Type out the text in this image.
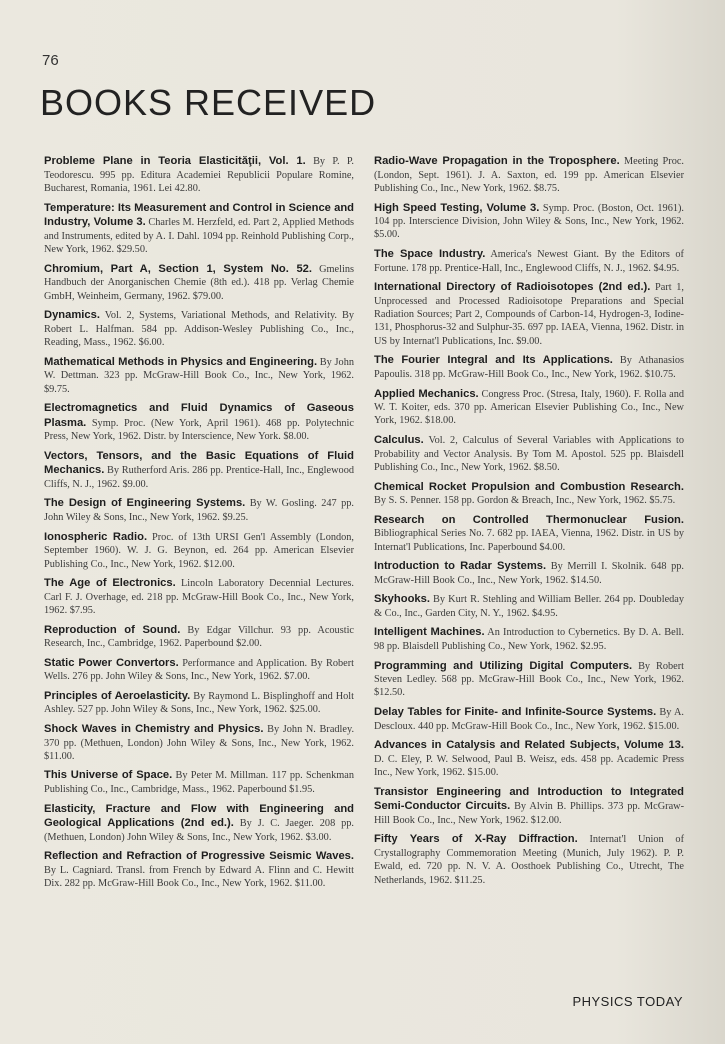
76
BOOKS RECEIVED

Probleme Plane in Teoria Elasticităţii, Vol. 1. By P. P. Teodorescu. 995 pp. Editura Academiei Republicii Populare Romine, Bucharest, Romania, 1961. Lei 42.80.

Temperature: Its Measurement and Control in Science and Industry, Volume 3. Charles M. Herzfeld, ed. Part 2, Applied Methods and Instruments, edited by A. I. Dahl. 1094 pp. Reinhold Publishing Corp., New York, 1962. $29.50.

Chromium, Part A, Section 1, System No. 52. Gmelins Handbuch der Anorganischen Chemie (8th ed.). 418 pp. Verlag Chemie GmbH, Weinheim, Germany, 1962. $79.00.

Dynamics. Vol. 2, Systems, Variational Methods, and Relativity. By Robert L. Halfman. 584 pp. Addison-Wesley Publishing Co., Inc., Reading, Mass., 1962. $6.00.

Mathematical Methods in Physics and Engineering. By John W. Dettman. 323 pp. McGraw-Hill Book Co., Inc., New York, 1962. $9.75.

Electromagnetics and Fluid Dynamics of Gaseous Plasma. Symp. Proc. (New York, April 1961). 468 pp. Polytechnic Press, New York, 1962. Distr. by Interscience, New York. $8.00.

Vectors, Tensors, and the Basic Equations of Fluid Mechanics. By Rutherford Aris. 286 pp. Prentice-Hall, Inc., Englewood Cliffs, N. J., 1962. $9.00.

The Design of Engineering Systems. By W. Gosling. 247 pp. John Wiley & Sons, Inc., New York, 1962. $9.25.

Ionospheric Radio. Proc. of 13th URSI Gen'l Assembly (London, September 1960). W. J. G. Beynon, ed. 264 pp. American Elsevier Publishing Co., Inc., New York, 1962. $12.00.

The Age of Electronics. Lincoln Laboratory Decennial Lectures. Carl F. J. Overhage, ed. 218 pp. McGraw-Hill Book Co., Inc., New York, 1962. $7.95.

Reproduction of Sound. By Edgar Villchur. 93 pp. Acoustic Research, Inc., Cambridge, 1962. Paperbound $2.00.

Static Power Convertors. Performance and Application. By Robert Wells. 276 pp. John Wiley & Sons, Inc., New York, 1962. $7.00.

Principles of Aeroelasticity. By Raymond L. Bisplinghoff and Holt Ashley. 527 pp. John Wiley & Sons, Inc., New York, 1962. $25.00.

Shock Waves in Chemistry and Physics. By John N. Bradley. 370 pp. (Methuen, London) John Wiley & Sons, Inc., New York, 1962. $11.00.

This Universe of Space. By Peter M. Millman. 117 pp. Schenkman Publishing Co., Inc., Cambridge, Mass., 1962. Paperbound $1.95.

Elasticity, Fracture and Flow with Engineering and Geological Applications (2nd ed.). By J. C. Jaeger. 208 pp. (Methuen, London) John Wiley & Sons, Inc., New York, 1962. $3.00.

Reflection and Refraction of Progressive Seismic Waves. By L. Cagniard. Transl. from French by Edward A. Flinn and C. Hewitt Dix. 282 pp. McGraw-Hill Book Co., Inc., New York, 1962. $11.00.

Radio-Wave Propagation in the Troposphere. Meeting Proc. (London, Sept. 1961). J. A. Saxton, ed. 199 pp. American Elsevier Publishing Co., Inc., New York, 1962. $8.75.

High Speed Testing, Volume 3. Symp. Proc. (Boston, Oct. 1961). 104 pp. Interscience Division, John Wiley & Sons, Inc., New York, 1962. $5.00.

The Space Industry. America's Newest Giant. By the Editors of Fortune. 178 pp. Prentice-Hall, Inc., Englewood Cliffs, N. J., 1962. $4.95.

International Directory of Radioisotopes (2nd ed.). Part 1, Unprocessed and Processed Radioisotope Preparations and Special Radiation Sources; Part 2, Compounds of Carbon-14, Hydrogen-3, Iodine-131, Phosphorus-32 and Sulphur-35. 697 pp. IAEA, Vienna, 1962. Distr. in US by Internat'l Publications, Inc. $9.00.

The Fourier Integral and Its Applications. By Athanasios Papoulis. 318 pp. McGraw-Hill Book Co., Inc., New York, 1962. $10.75.

Applied Mechanics. Congress Proc. (Stresa, Italy, 1960). F. Rolla and W. T. Koiter, eds. 370 pp. American Elsevier Publishing Co., Inc., New York, 1962. $18.00.

Calculus. Vol. 2, Calculus of Several Variables with Applications to Probability and Vector Analysis. By Tom M. Apostol. 525 pp. Blaisdell Publishing Co., Inc., New York, 1962. $8.50.

Chemical Rocket Propulsion and Combustion Research. By S. S. Penner. 158 pp. Gordon & Breach, Inc., New York, 1962. $5.75.

Research on Controlled Thermonuclear Fusion. Bibliographical Series No. 7. 682 pp. IAEA, Vienna, 1962. Distr. in US by Internat'l Publications, Inc. Paperbound $4.00.

Introduction to Radar Systems. By Merrill I. Skolnik. 648 pp. McGraw-Hill Book Co., Inc., New York, 1962. $14.50.

Skyhooks. By Kurt R. Stehling and William Beller. 264 pp. Doubleday & Co., Inc., Garden City, N. Y., 1962. $4.95.

Intelligent Machines. An Introduction to Cybernetics. By D. A. Bell. 98 pp. Blaisdell Publishing Co., New York, 1962. $2.95.

Programming and Utilizing Digital Computers. By Robert Steven Ledley. 568 pp. McGraw-Hill Book Co., Inc., New York, 1962. $12.50.

Delay Tables for Finite- and Infinite-Source Systems. By A. Descloux. 440 pp. McGraw-Hill Book Co., Inc., New York, 1962. $15.00.

Advances in Catalysis and Related Subjects, Volume 13. D. C. Eley, P. W. Selwood, Paul B. Weisz, eds. 458 pp. Academic Press Inc., New York, 1962. $15.00.

Transistor Engineering and Introduction to Integrated Semi-Conductor Circuits. By Alvin B. Phillips. 373 pp. McGraw-Hill Book Co., Inc., New York, 1962. $12.00.

Fifty Years of X-Ray Diffraction. Internat'l Union of Crystallography Commemoration Meeting (Munich, July 1962). P. P. Ewald, ed. 720 pp. N. V. A. Oosthoek Publishing Co., Utrecht, The Netherlands, 1962. $11.25.

PHYSICS TODAY
